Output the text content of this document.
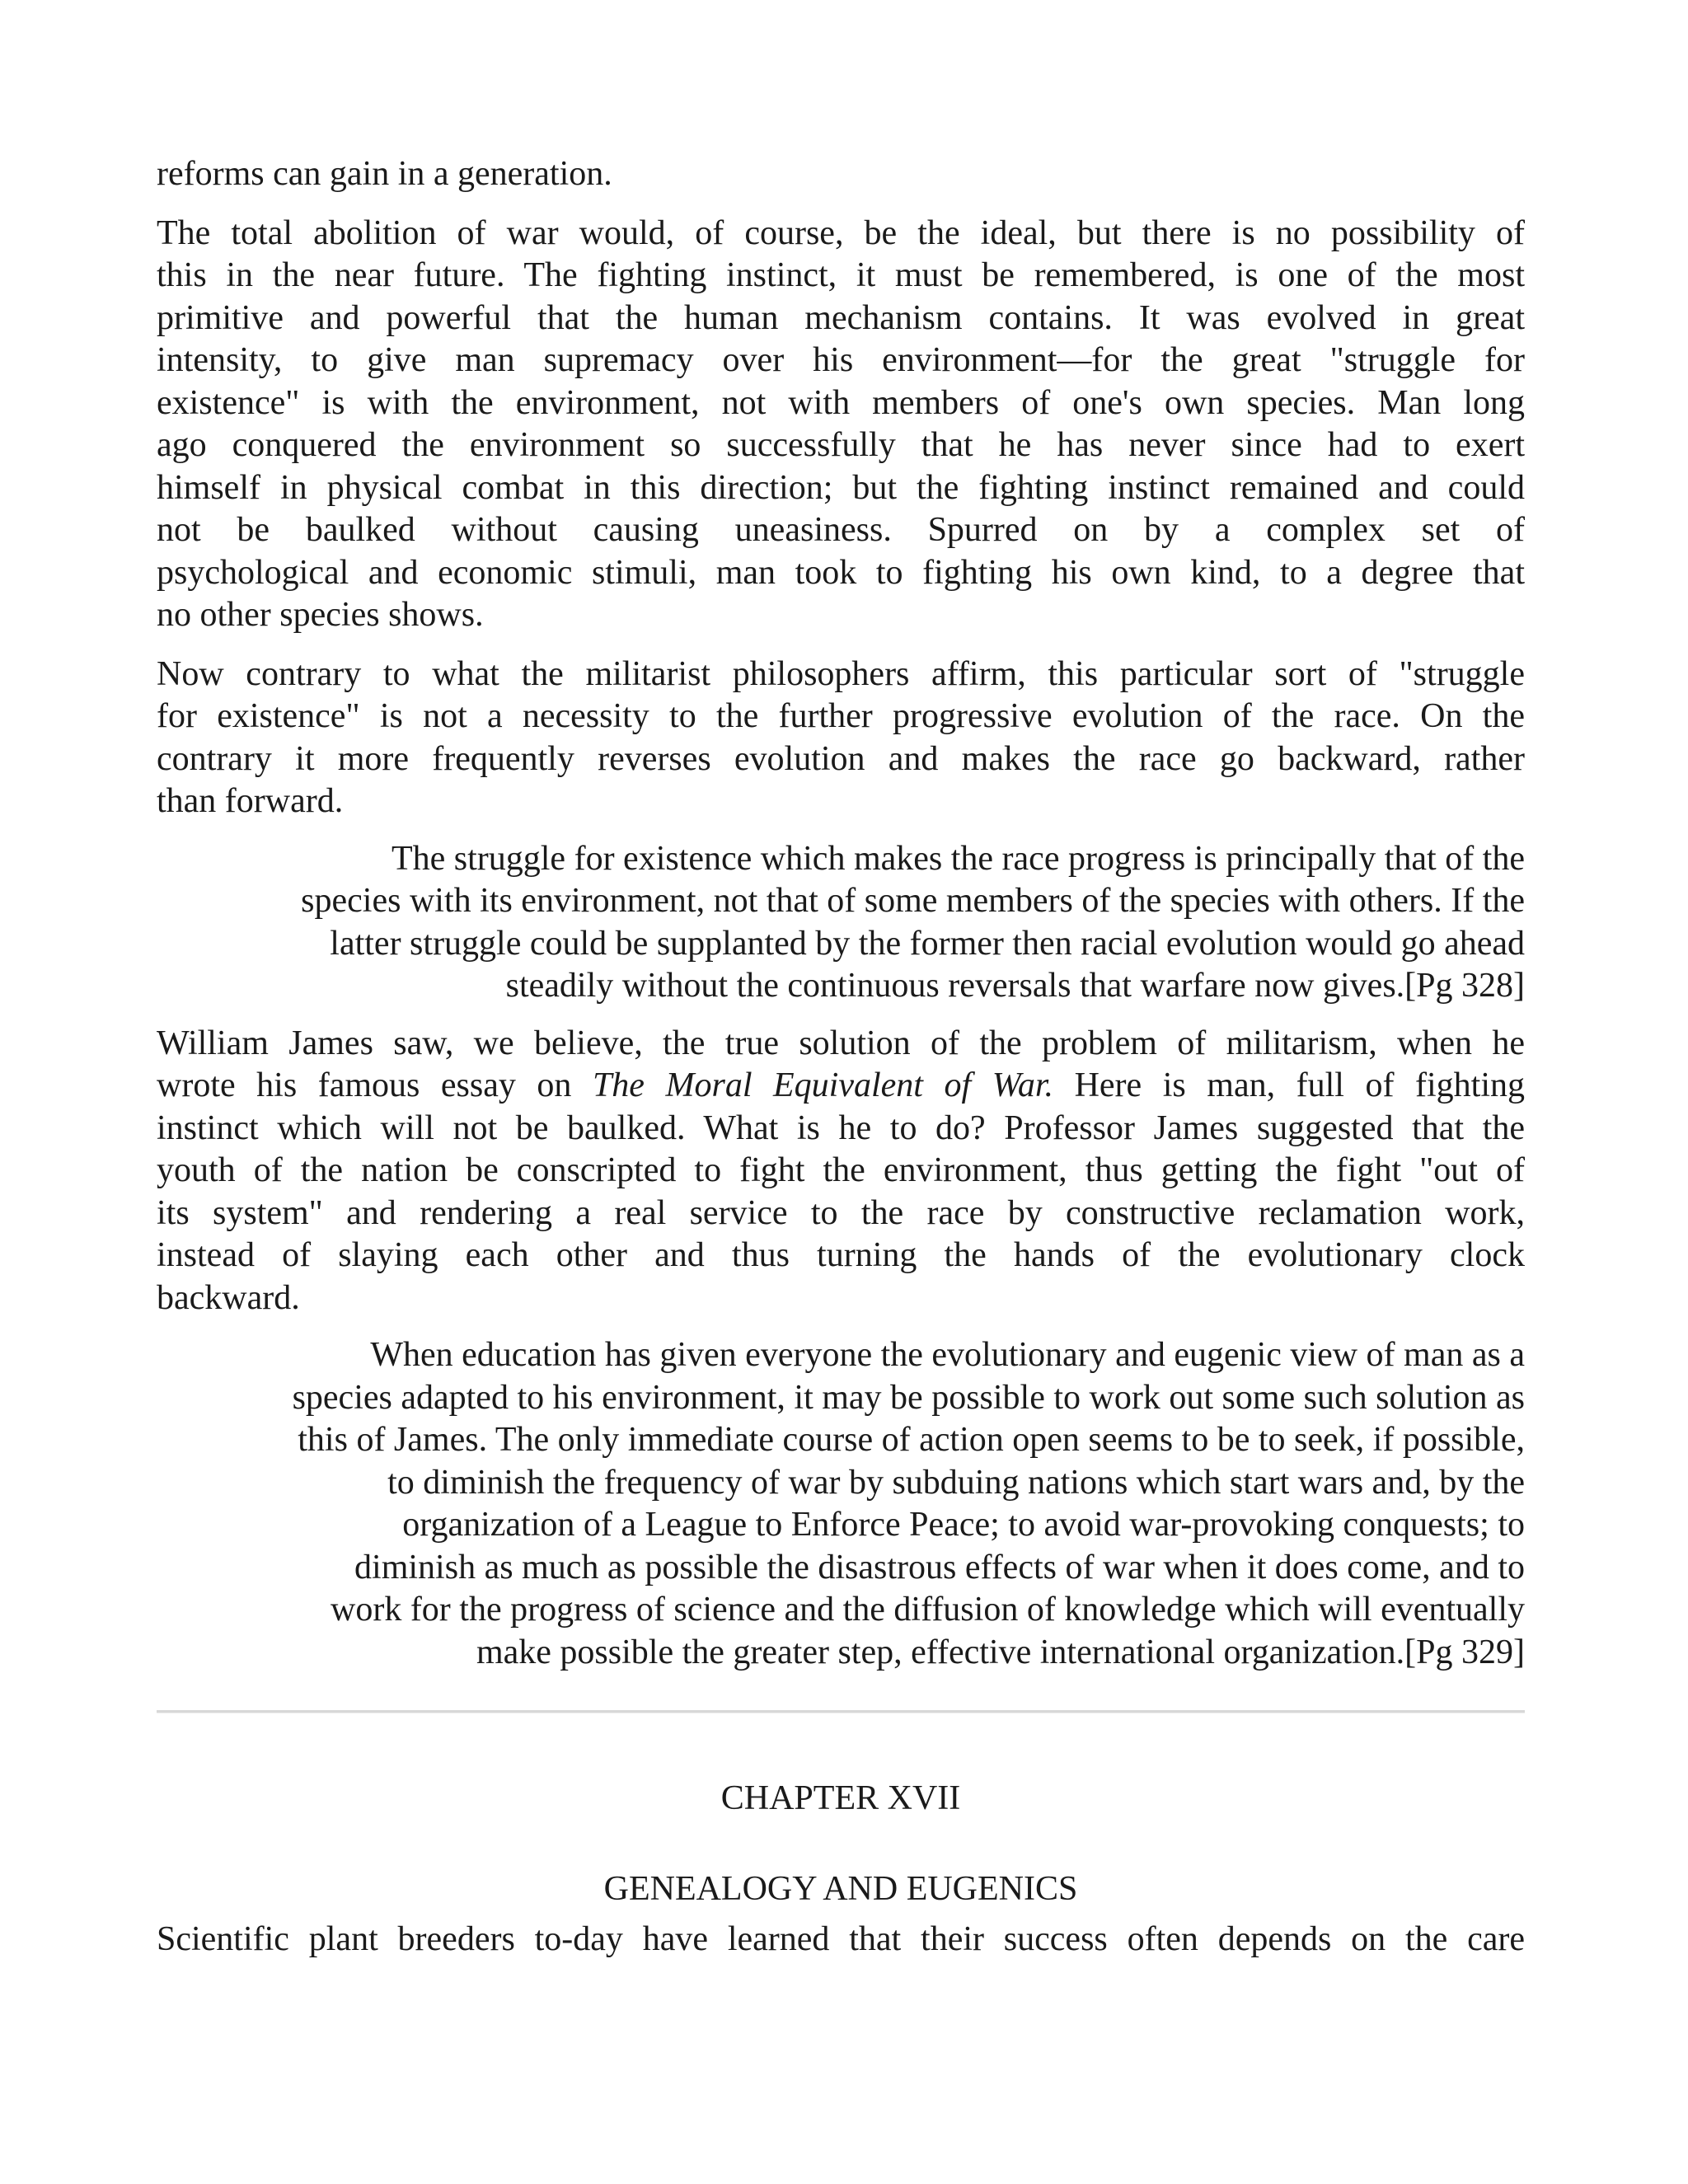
reforms can gain in a generation.
The total abolition of war would, of course, be the ideal, but there is no possibility of
this in the near future. The fighting instinct, it must be remembered, is one of the most
primitive and powerful that the human mechanism contains. It was evolved in great
intensity, to give man supremacy over his environment—for the great "struggle for
existence" is with the environment, not with members of one's own species. Man long
ago conquered the environment so successfully that he has never since had to exert
himself in physical combat in this direction; but the fighting instinct remained and could
not be baulked without causing uneasiness. Spurred on by a complex set of
psychological and economic stimuli, man took to fighting his own kind, to a degree that
no other species shows.
Now contrary to what the militarist philosophers affirm, this particular sort of "struggle
for existence" is not a necessity to the further progressive evolution of the race. On the
contrary it more frequently reverses evolution and makes the race go backward, rather
than forward.
The struggle for existence which makes the race progress is principally that of the
species with its environment, not that of some members of the species with others. If the
latter struggle could be supplanted by the former then racial evolution would go ahead
steadily without the continuous reversals that warfare now gives.[Pg 328]
William James saw, we believe, the true solution of the problem of militarism, when he
wrote his famous essay on The Moral Equivalent of War. Here is man, full of fighting
instinct which will not be baulked. What is he to do? Professor James suggested that the
youth of the nation be conscripted to fight the environment, thus getting the fight "out of
its system" and rendering a real service to the race by constructive reclamation work,
instead of slaying each other and thus turning the hands of the evolutionary clock
backward.
When education has given everyone the evolutionary and eugenic view of man as a
species adapted to his environment, it may be possible to work out some such solution as
this of James. The only immediate course of action open seems to be to seek, if possible,
to diminish the frequency of war by subduing nations which start wars and, by the
organization of a League to Enforce Peace; to avoid war-provoking conquests; to
diminish as much as possible the disastrous effects of war when it does come, and to
work for the progress of science and the diffusion of knowledge which will eventually
make possible the greater step, effective international organization.[Pg 329]
CHAPTER XVII
GENEALOGY AND EUGENICS
Scientific plant breeders to-day have learned that their success often depends on the care
